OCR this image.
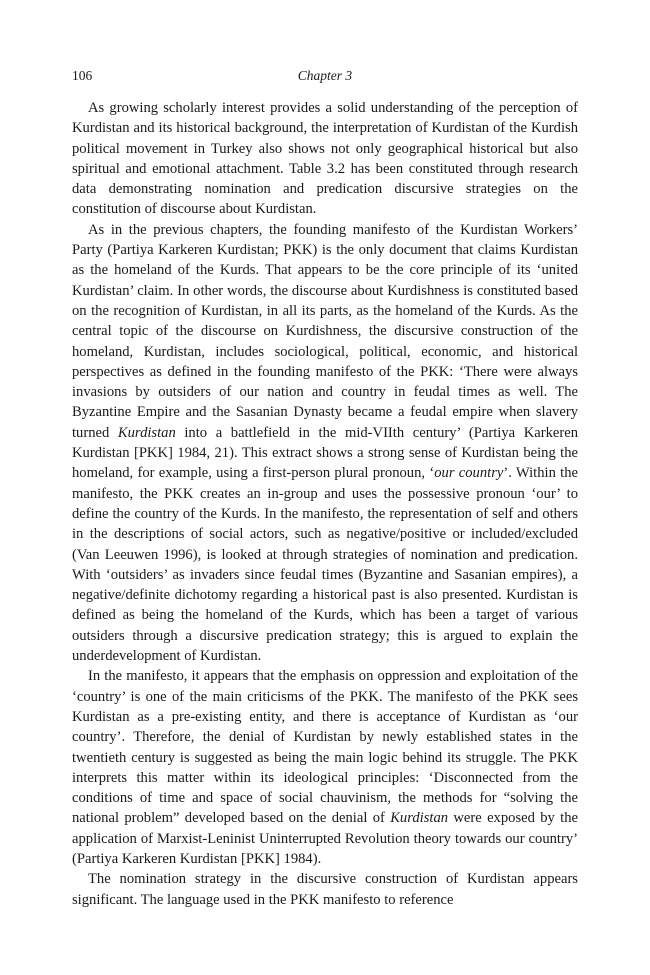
106	Chapter 3

As growing scholarly interest provides a solid understanding of the perception of Kurdistan and its historical background, the interpretation of Kurdistan of the Kurdish political movement in Turkey also shows not only geographical historical but also spiritual and emotional attachment. Table 3.2 has been constituted through research data demonstrating nomination and predication discursive strategies on the constitution of discourse about Kurdistan.

As in the previous chapters, the founding manifesto of the Kurdistan Workers’ Party (Partiya Karkeren Kurdistan; PKK) is the only document that claims Kurdistan as the homeland of the Kurds. That appears to be the core principle of its ‘united Kurdistan’ claim. In other words, the discourse about Kurdishness is constituted based on the recognition of Kurdistan, in all its parts, as the homeland of the Kurds. As the central topic of the discourse on Kurdishness, the discursive construction of the homeland, Kurdistan, includes sociological, political, economic, and historical perspectives as defined in the founding manifesto of the PKK: ‘There were always invasions by outsiders of our nation and country in feudal times as well. The Byzantine Empire and the Sasanian Dynasty became a feudal empire when slavery turned Kurdistan into a battlefield in the mid-VIIth century’ (Partiya Karkeren Kurdistan [PKK] 1984, 21). This extract shows a strong sense of Kurdistan being the homeland, for example, using a first-person plural pronoun, ‘our country’. Within the manifesto, the PKK creates an in-group and uses the possessive pronoun ‘our’ to define the country of the Kurds. In the manifesto, the representation of self and others in the descriptions of social actors, such as negative/positive or included/​excluded (Van Leeuwen 1996), is looked at through strategies of nomination and predication. With ‘outsiders’ as invaders since feudal times (Byzantine and Sasanian empires), a negative/definite dichotomy regarding a historical past is also presented. Kurdistan is defined as being the homeland of the Kurds, which has been a target of various outsiders through a discursive predication strategy; this is argued to explain the underdevelopment of Kurdistan.

In the manifesto, it appears that the emphasis on oppression and exploitation of the ‘country’ is one of the main criticisms of the PKK. The manifesto of the PKK sees Kurdistan as a pre-existing entity, and there is acceptance of Kurdistan as ‘our country’. Therefore, the denial of Kurdistan by newly established states in the twentieth century is suggested as being the main logic behind its struggle. The PKK interprets this matter within its ideological principles: ‘Disconnected from the conditions of time and space of social chauvinism, the methods for “solving the national problem” developed based on the denial of Kurdistan were exposed by the application of Marxist-Leninist Uninterrupted Revolution theory towards our country’ (Partiya Karkeren Kurdistan [PKK] 1984).

The nomination strategy in the discursive construction of Kurdistan appears significant. The language used in the PKK manifesto to reference
